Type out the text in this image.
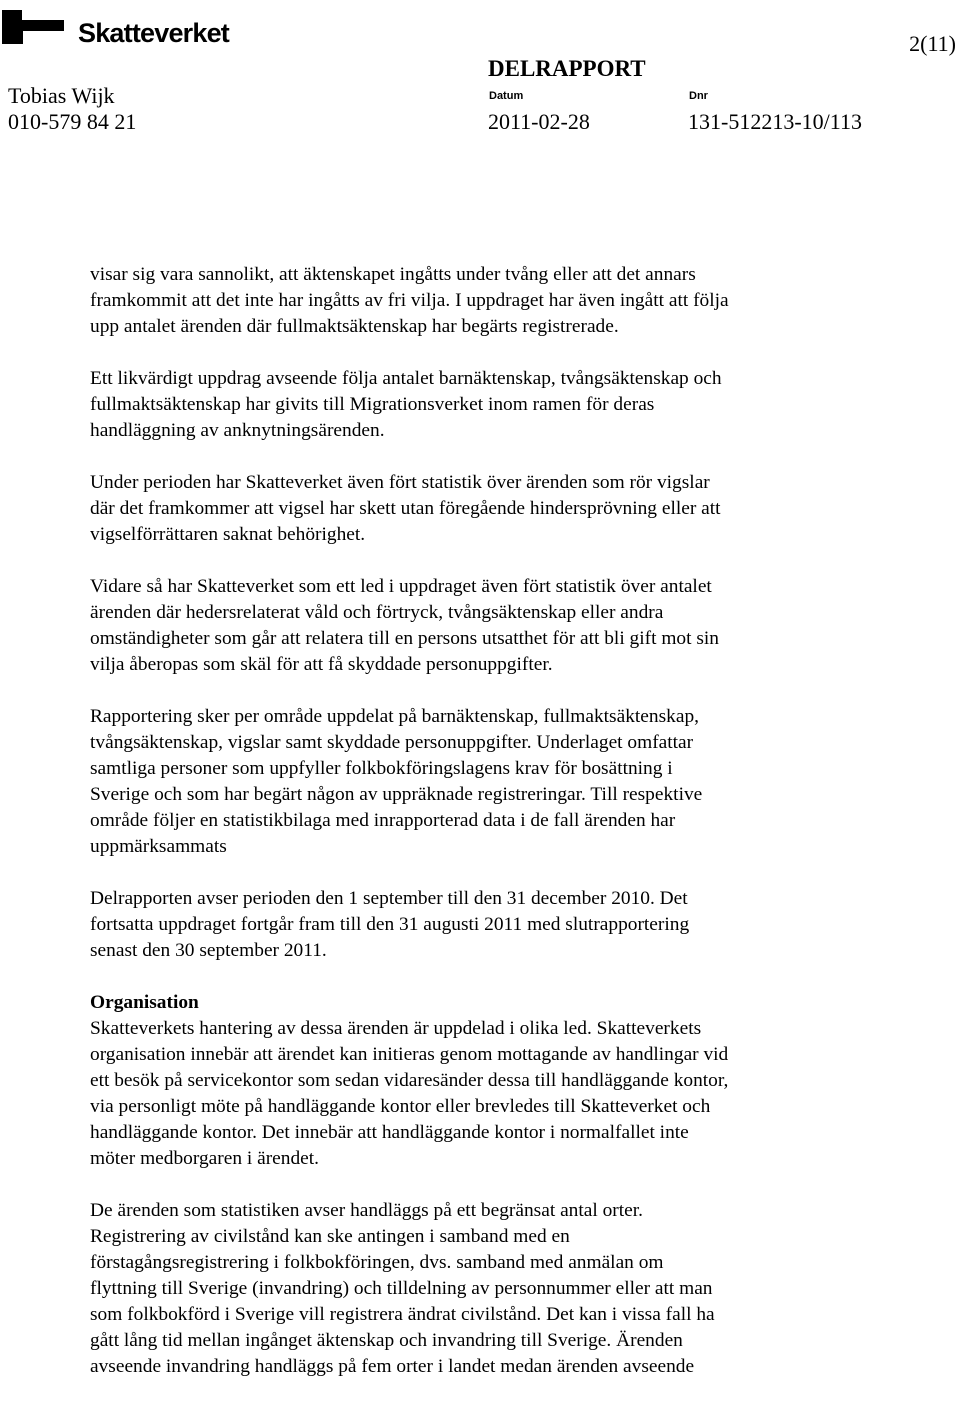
Skatteverket	2(11)
Tobias Wijk
010-579 84 21
DELRAPPORT
Datum	Dnr
2011-02-28	131-512213-10/113

visar sig vara sannolikt, att äktenskapet ingåtts under tvång eller att det annars
framkommit att det inte har ingåtts av fri vilja. I uppdraget har även ingått att följa
upp antalet ärenden där fullmaktsäktenskap har begärts registrerade.

Ett likvärdigt uppdrag avseende följa antalet barnäktenskap, tvångsäktenskap och
fullmaktsäktenskap har givits till Migrationsverket inom ramen för deras
handläggning av anknytningsärenden.

Under perioden har Skatteverket även fört statistik över ärenden som rör vigslar
där det framkommer att vigsel har skett utan föregående hindersprövning eller att
vigselförrättaren saknat behörighet.

Vidare så har Skatteverket som ett led i uppdraget även fört statistik över antalet
ärenden där hedersrelaterat våld och förtryck, tvångsäktenskap eller andra
omständigheter som går att relatera till en persons utsatthet för att bli gift mot sin
vilja åberopas som skäl för att få skyddade personuppgifter.

Rapportering sker per område uppdelat på barnäktenskap, fullmaktsäktenskap,
tvångsäktenskap, vigslar samt skyddade personuppgifter. Underlaget omfattar
samtliga personer som uppfyller folkbokföringslagens krav för bosättning i
Sverige och som har begärt någon av uppräknade registreringar. Till respektive
område följer en statistikbilaga med inrapporterad data i de fall ärenden har
uppmärksammats

Delrapporten avser perioden den 1 september till den 31 december 2010. Det
fortsatta uppdraget fortgår fram till den 31 augusti 2011 med slutrapportering
senast den 30 september 2011.

Organisation
Skatteverkets hantering av dessa ärenden är uppdelad i olika led. Skatteverkets
organisation innebär att ärendet kan initieras genom mottagande av handlingar vid
ett besök på servicekontor som sedan vidaresänder dessa till handläggande kontor,
via personligt möte på handläggande kontor eller brevledes till Skatteverket och
handläggande kontor. Det innebär att handläggande kontor i normalfallet inte
möter medborgaren i ärendet.

De ärenden som statistiken avser handläggs på ett begränsat antal orter.
Registrering av civilstånd kan ske antingen i samband med en
förstagångsregistrering i folkbokföringen, dvs. samband med anmälan om
flyttning till Sverige (invandring) och tilldelning av personnummer eller att man
som folkbokförd i Sverige vill registrera ändrat civilstånd. Det kan i vissa fall ha
gått lång tid mellan ingånget äktenskap och invandring till Sverige. Ärenden
avseende invandring handläggs på fem orter i landet medan ärenden avseende
